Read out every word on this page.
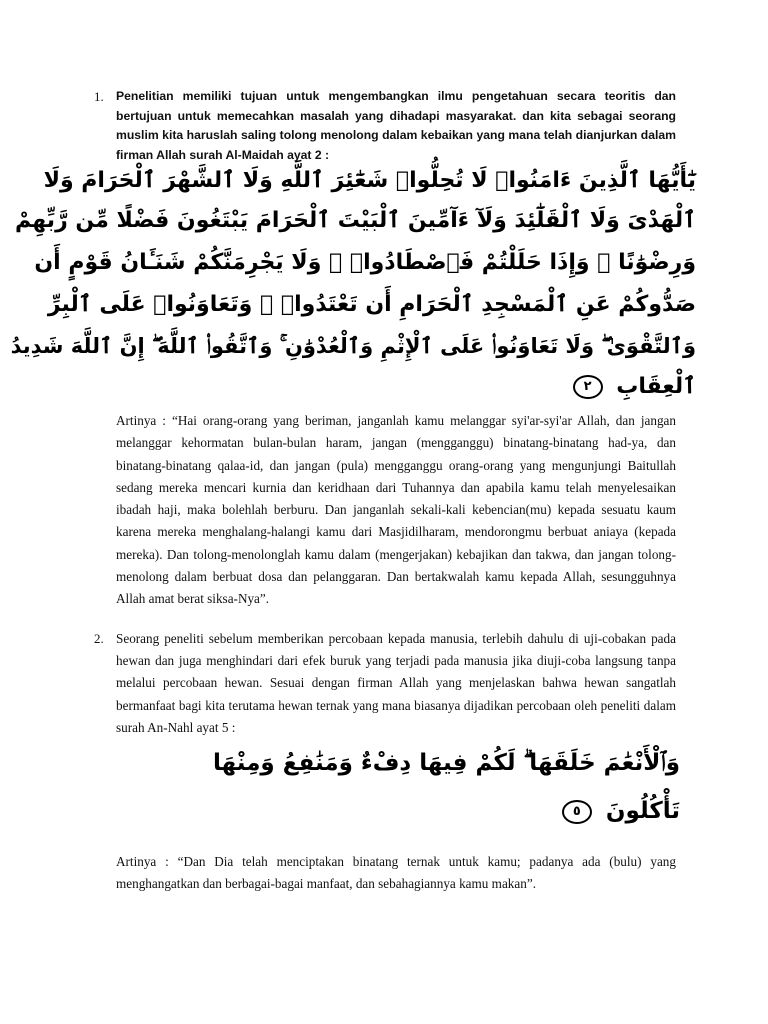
1. Penelitian memiliki tujuan untuk mengembangkan ilmu pengetahuan secara teoritis dan bertujuan untuk memecahkan masalah yang dihadapi masyarakat. dan kita sebagai seorang muslim kita haruslah saling tolong menolong dalam kebaikan yang mana telah dianjurkan dalam firman Allah surah Al-Maidah ayat 2 :
يَٰٓأَيُّهَا ٱلَّذِينَ ءَامَنُوا۟ لَا تُحِلُّوا۟ شَعَٰٓئِرَ ٱللَّهِ وَلَا ٱلشَّهْرَ ٱلْحَرَامَ وَلَا
ٱلْهَدْىَ وَلَا ٱلْقَلَٰٓئِدَ وَلَآ ءَآمِّينَ ٱلْبَيْتَ ٱلْحَرَامَ يَبْتَغُونَ فَضْلًا مِّن رَّبِّهِمْ
وَرِضْوَٰنًا ۚ وَإِذَا حَلَلْتُمْ فَٱصْطَادُوا۟ ۚ وَلَا يَجْرِمَنَّكُمْ شَنَـَٔانُ قَوْمٍ أَن
صَدُّوكُمْ عَنِ ٱلْمَسْجِدِ ٱلْحَرَامِ أَن تَعْتَدُوا۟ ۘ وَتَعَاوَنُوا۟ عَلَى ٱلْبِرِّ
وَٱلتَّقْوَىٰ ۖ وَلَا تَعَاوَنُوا۟ عَلَى ٱلْإِثْمِ وَٱلْعُدْوَٰنِ ۚ وَٱتَّقُوا۟ ٱللَّهَ ۖ إِنَّ ٱللَّهَ شَدِيدُ
ٱلْعِقَابِ ٢
Artinya : “Hai orang-orang yang beriman, janganlah kamu melanggar syi'ar-syi'ar Allah, dan jangan melanggar kehormatan bulan-bulan haram, jangan (mengganggu) binatang-binatang had-ya, dan binatang-binatang qalaa-id, dan jangan (pula) mengganggu orang-orang yang mengunjungi Baitullah sedang mereka mencari kurnia dan keridhaan dari Tuhannya dan apabila kamu telah menyelesaikan ibadah haji, maka bolehlah berburu. Dan janganlah sekali-kali kebencian(mu) kepada sesuatu kaum karena mereka menghalang-halangi kamu dari Masjidilharam, mendorongmu berbuat aniaya (kepada mereka). Dan tolong-menolonglah kamu dalam (mengerjakan) kebajikan dan takwa, dan jangan tolong-menolong dalam berbuat dosa dan pelanggaran. Dan bertakwalah kamu kepada Allah, sesungguhnya Allah amat berat siksa-Nya”.
2. Seorang peneliti sebelum memberikan percobaan kepada manusia, terlebih dahulu di uji-cobakan pada hewan dan juga menghindari dari efek buruk yang terjadi pada manusia jika diuji-coba langsung tanpa melalui percobaan hewan. Sesuai dengan firman Allah yang menjelaskan bahwa hewan sangatlah bermanfaat bagi kita terutama hewan ternak yang mana biasanya dijadikan percobaan oleh peneliti dalam surah An-Nahl ayat 5 :
وَٱلْأَنْعَٰمَ خَلَقَهَا ۗ لَكُمْ فِيهَا دِفْءٌ وَمَنَٰفِعُ وَمِنْهَا
تَأْكُلُونَ ٥
Artinya : “Dan Dia telah menciptakan binatang ternak untuk kamu; padanya ada (bulu) yang menghangatkan dan berbagai-bagai manfaat, dan sebahagiannya kamu makan”.
